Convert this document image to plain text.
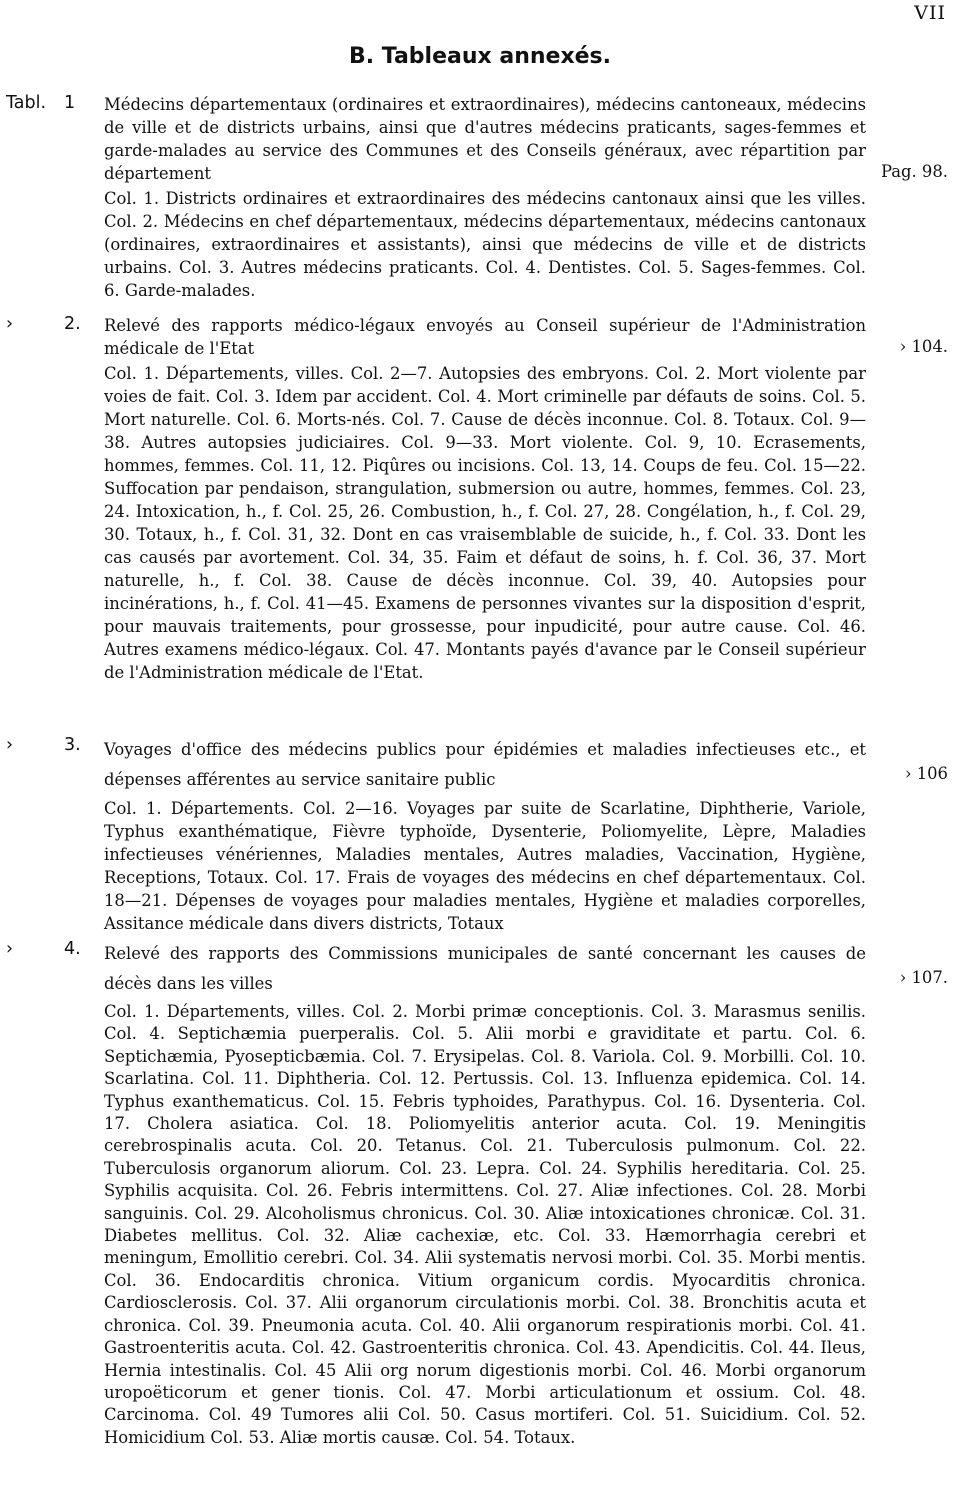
VII
B. Tableaux annexés.
Tabl. 1 Médecins départementaux (ordinaires et extraordinaires), médecins cantoneaux, médecins de ville et de districts urbains, ainsi que d'autres médecins praticants, sages-femmes et garde-malades au service des Communes et des Conseils généraux, avec répartition par département

Col. 1. Districts ordinaires et extraordinaires des médecins cantonaux ainsi que les villes. Col. 2. Médecins en chef départementaux, médecins départementaux, médecins cantonaux (ordinaires, extraordinaires et assistants), ainsi que médecins de ville et de districts urbains. Col. 3. Autres médecins praticants. Col. 4. Dentistes. Col. 5. Sages-femmes. Col. 6. Garde-malades.

Pag. 98.
›	2. Relevé des rapports médico-légaux envoyés au Conseil supérieur de l'Administration médicale de l'Etat

Col. 1. Départements, villes. Col. 2—7. Autopsies des embryons. Col. 2. Mort violente par voies de fait. Col. 3. Idem par accident. Col. 4. Mort criminelle par défauts de soins. Col. 5. Mort naturelle. Col. 6. Morts-nés. Col. 7. Cause de décès inconnue. Col. 8. Totaux. Col. 9—38. Autres autopsies judiciaires. Col. 9—33. Mort violente. Col. 9, 10. Ecrasements, hommes, femmes. Col. 11, 12. Piqûres ou incisions. Col. 13, 14. Coups de feu. Col. 15—22. Suffocation par pendaison, strangulation, submersion ou autre, hommes, femmes. Col. 23, 24. Intoxication, h., f. Col. 25, 26. Combustion, h., f. Col. 27, 28. Congélation, h., f. Col. 29, 30. Totaux, h., f. Col. 31, 32. Dont en cas vraisemblable de suicide, h., f. Col. 33. Dont les cas causés par avortement. Col. 34, 35. Faim et défaut de soins, h. f. Col. 36, 37. Mort naturelle, h., f. Col. 38. Cause de décès inconnue. Col. 39, 40. Autopsies pour incinérations, h., f. Col. 41—45. Examens de personnes vivantes sur la disposition d'esprit, pour mauvais traitements, pour grossesse, pour inpudicité, pour autre cause. Col. 46. Autres examens médico-légaux. Col. 47. Montants payés d'avance par le Conseil supérieur de l'Administration médicale de l'Etat.

› 104.
›	3. Voyages d'office des médecins publics pour épidémies et maladies infectieuses etc., et dépenses afférentes au service sanitaire public

Col. 1. Départements. Col. 2—16. Voyages par suite de Scarlatine, Diphtherie, Variole, Typhus exanthématique, Fièvre typhoïde, Dysenterie, Poliomyelite, Lèpre, Maladies infectieuses vénériennes, Maladies mentales, Autres maladies, Vaccination, Hygiène, Receptions, Totaux. Col. 17. Frais de voyages des médecins en chef départementaux. Col. 18—21. Dépenses de voyages pour maladies mentales, Hygiène et maladies corporelles, Assitance médicale dans divers districts, Totaux

› 106
›	4. Relevé des rapports des Commissions municipales de santé concernant les causes de décès dans les villes

Col. 1. Départements, villes. Col. 2. Morbi primæ conceptionis. Col. 3. Marasmus senilis. Col. 4. Septichæmia puerperalis. Col. 5. Alii morbi e graviditate et partu. Col. 6. Septichæmia, Pyosepticbæmia. Col. 7. Erysipelas. Col. 8. Variola. Col. 9. Morbilli. Col. 10. Scarlatina. Col. 11. Diphtheria. Col. 12. Pertussis. Col. 13. Influenza epidemica. Col. 14. Typhus exanthematicus. Col. 15. Febris typhoides, Parathypus. Col. 16. Dysenteria. Col. 17. Cholera asiatica. Col. 18. Poliomyelitis anterior acuta. Col. 19. Meningitis cerebrospinalis acuta. Col. 20. Tetanus. Col. 21. Tuberculosis pulmonum. Col. 22. Tuberculosis organorum aliorum. Col. 23. Lepra. Col. 24. Syphilis hereditaria. Col. 25. Syphilis acquisita. Col. 26. Febris intermittens. Col. 27. Aliæ infectiones. Col. 28. Morbi sanguinis. Col. 29. Alcoholismus chronicus. Col. 30. Aliæ intoxicationes chronicæ. Col. 31. Diabetes mellitus. Col. 32. Aliæ cachexiæ, etc. Col. 33. Hæmorrhagia cerebri et meningum, Emollitio cerebri. Col. 34. Alii systematis nervosi morbi. Col. 35. Morbi mentis. Col. 36. Endocarditis chronica. Vitium organicum cordis. Myocarditis chronica. Cardiosclerosis. Col. 37. Alii organorum circulationis morbi. Col. 38. Bronchitis acuta et chronica. Col. 39. Pneumonia acuta. Col. 40. Alii organorum respirationis morbi. Col. 41. Gastroenteritis acuta. Col. 42. Gastroenteritis chronica. Col. 43. Apendicitis. Col. 44. Ileus, Hernia intestinalis. Col. 45 Alii org norum digestionis morbi. Col. 46. Morbi organorum uropoëticorum et gener tionis. Col. 47. Morbi articulationum et ossium. Col. 48. Carcinoma. Col. 49 Tumores alii Col. 50. Casus mortiferi. Col. 51. Suicidium. Col. 52. Homicidium Col. 53. Aliæ mortis causæ. Col. 54. Totaux.

› 107.
